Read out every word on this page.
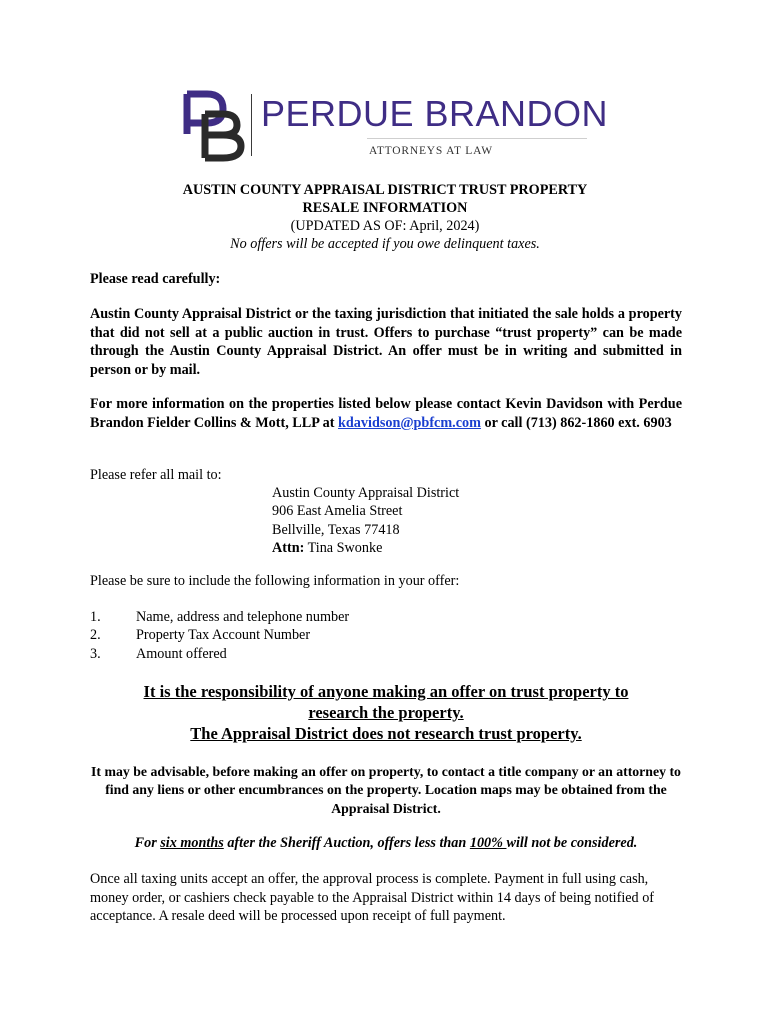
PERDUE BRANDON
ATTORNEYS AT LAW
AUSTIN COUNTY APPRAISAL DISTRICT TRUST PROPERTY
RESALE INFORMATION
(UPDATED AS OF: April, 2024)
No offers will be accepted if you owe delinquent taxes.
Please read carefully:
Austin County Appraisal District or the taxing jurisdiction that initiated the sale holds a property that did not sell at a public auction in trust. Offers to purchase “trust property” can be made through the Austin County Appraisal District. An offer must be in writing and submitted in person or by mail.
For more information on the properties listed below please contact Kevin Davidson with Perdue Brandon Fielder Collins & Mott, LLP at kdavidson@pbfcm.com or call (713) 862-1860 ext. 6903
Please refer all mail to:
Austin County Appraisal District
906 East Amelia Street
Bellville, Texas 77418
Attn: Tina Swonke
Please be sure to include the following information in your offer:
1.	Name, address and telephone number
2.	Property Tax Account Number
3.	Amount offered
It is the responsibility of anyone making an offer on trust property to
research the property.
The Appraisal District does not research trust property.
It may be advisable, before making an offer on property, to contact a title company or an attorney to find any liens or other encumbrances on the property. Location maps may be obtained from the Appraisal District.
For six months after the Sheriff Auction, offers less than 100% will not be considered.
Once all taxing units accept an offer, the approval process is complete. Payment in full using cash, money order, or cashiers check payable to the Appraisal District within 14 days of being notified of acceptance. A resale deed will be processed upon receipt of full payment.
